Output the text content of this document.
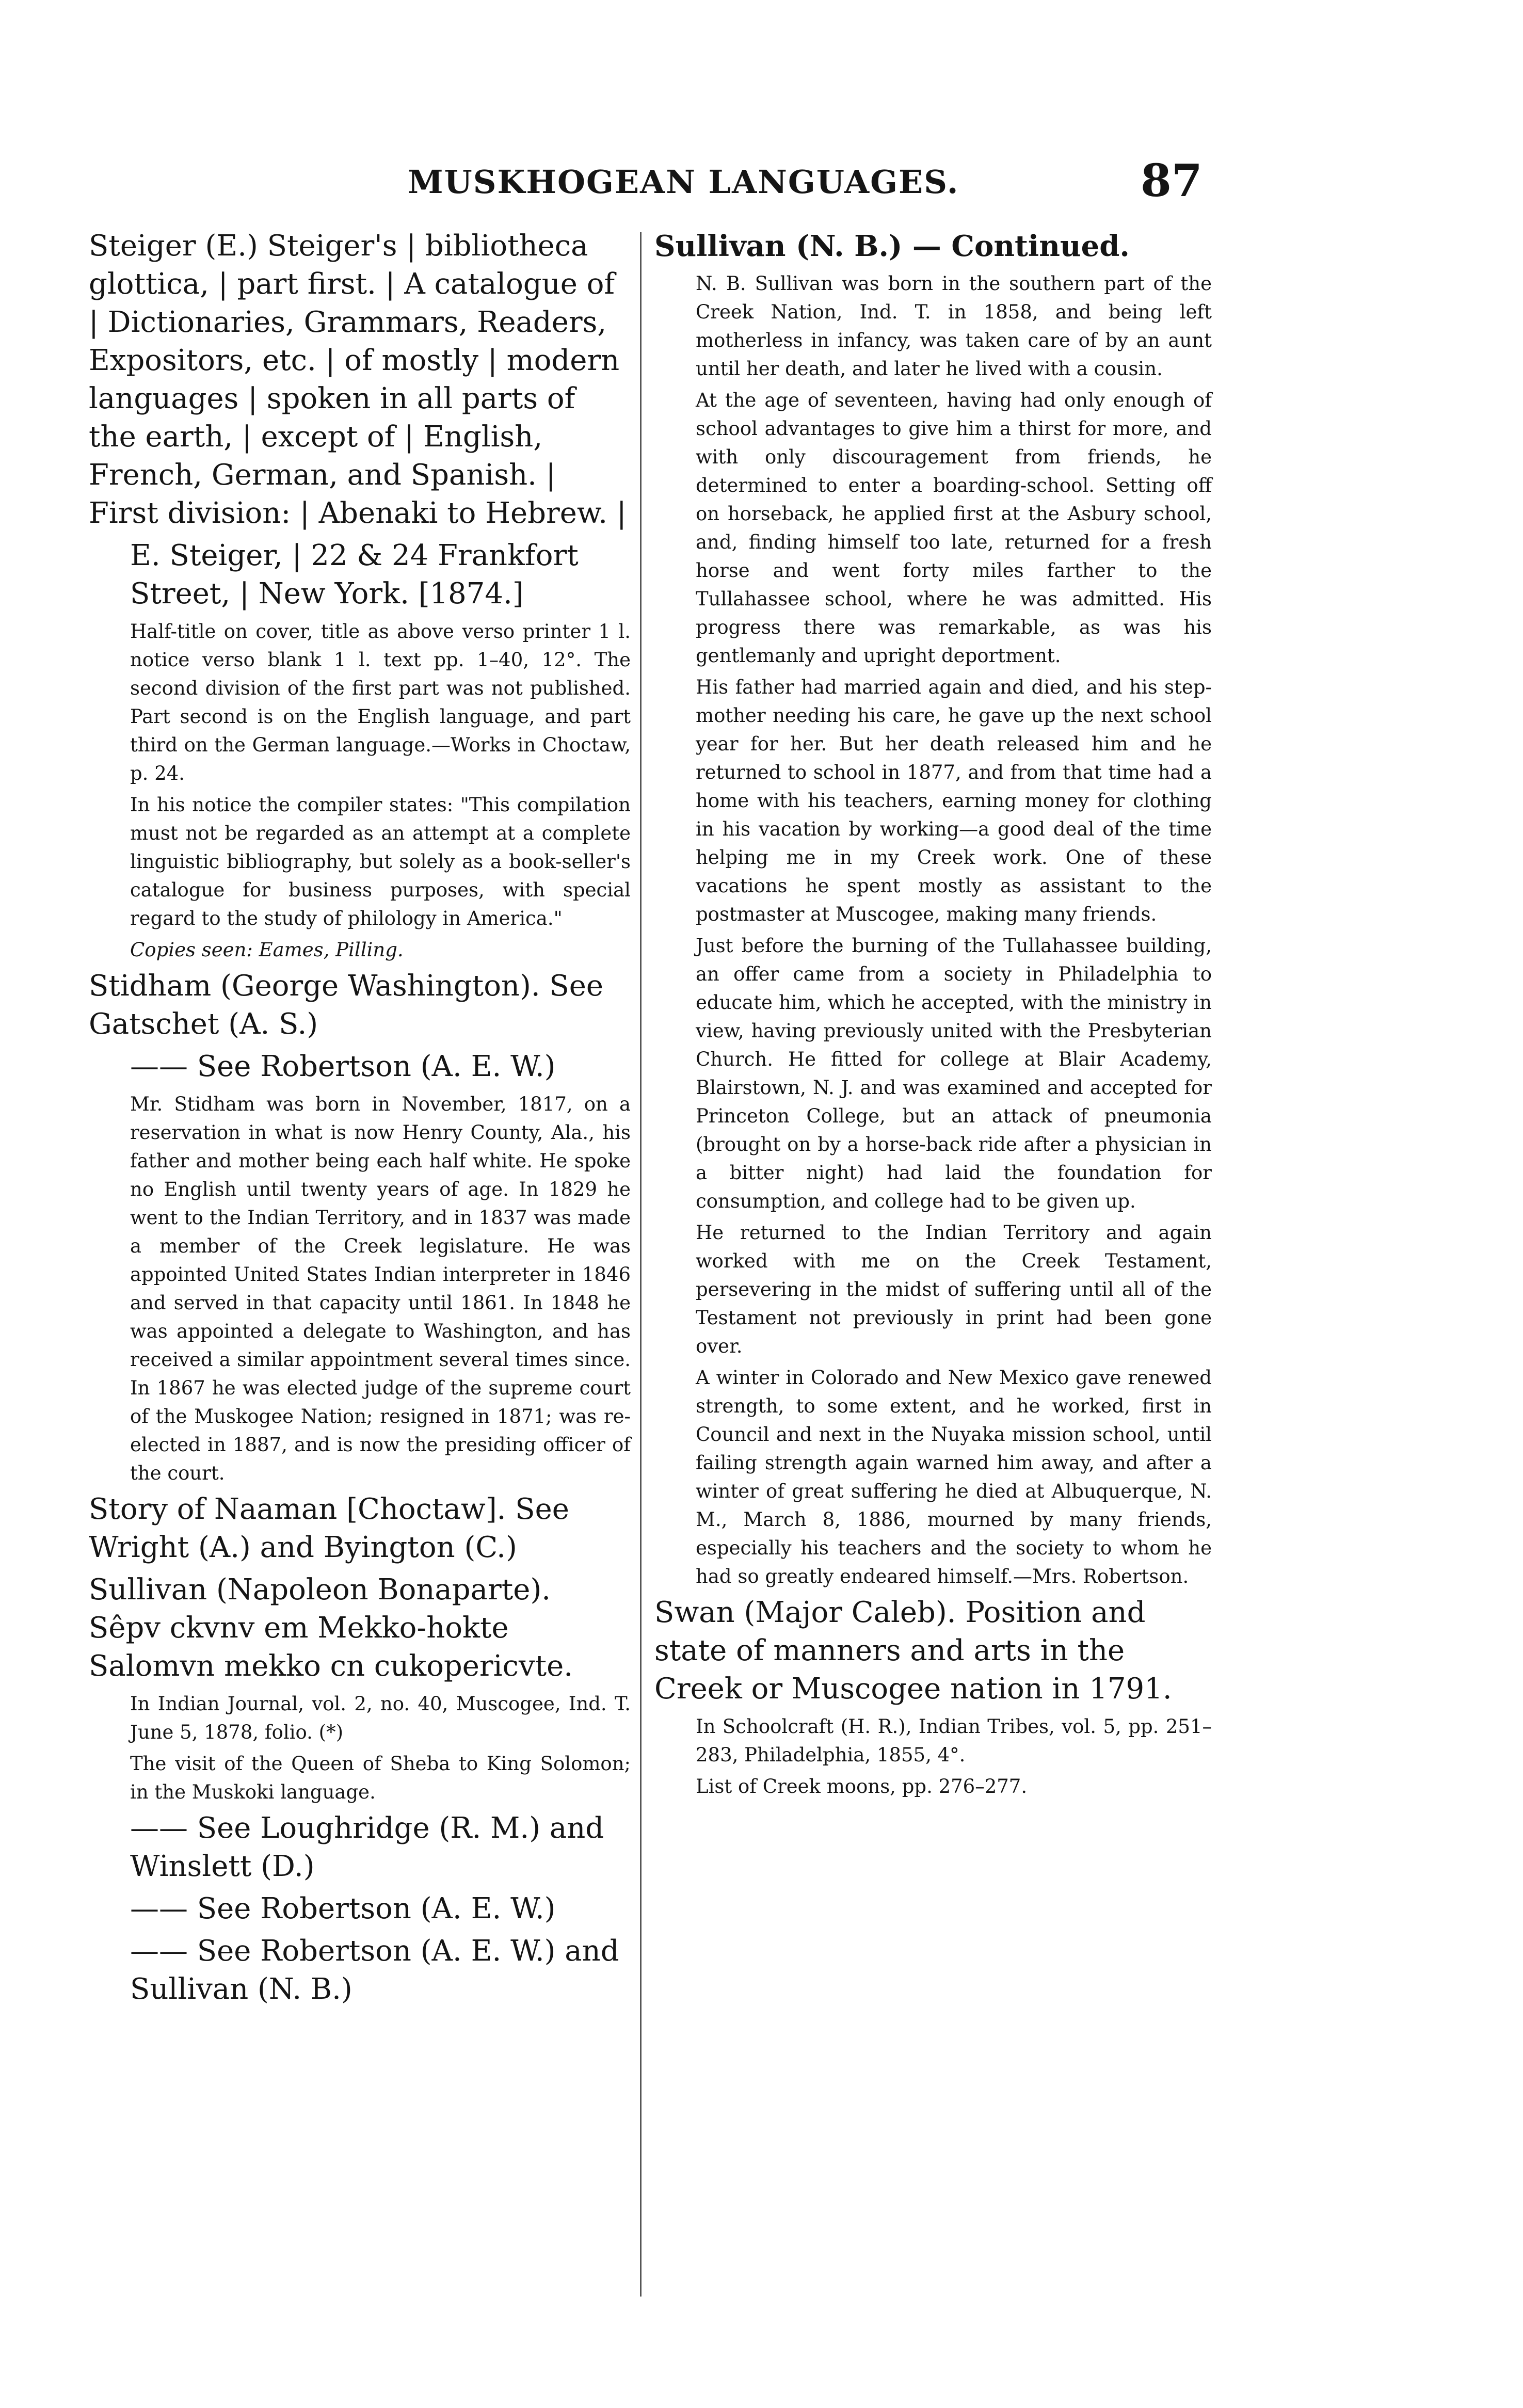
MUSKHOGEAN LANGUAGES.	87

Steiger (E.) Steiger's | bibliotheca glottica, | part first. | A catalogue of | Dictionaries, Grammars, Readers, Expositors, etc. | of mostly | modern languages | spoken in all parts of the earth, | except of | English, French, German, and Spanish. | First division: | Abenaki to Hebrew. |

E. Steiger, | 22 & 24 Frankfort Street, | New York. [1874.]

Half-title on cover, title as above verso printer 1 l. notice verso blank 1 l. text pp. 1–40, 12°. The second division of the first part was not published. Part second is on the English language, and part third on the German language.—Works in Choctaw, p. 24.

In his notice the compiler states: "This compilation must not be regarded as an attempt at a complete linguistic bibliography, but solely as a book-seller's catalogue for business purposes, with special regard to the study of philology in America."

Copies seen: Eames, Pilling.

Stidham (George Washington). See Gatschet (A. S.)

—— See Robertson (A. E. W.)

Mr. Stidham was born in November, 1817, on a reservation in what is now Henry County, Ala., his father and mother being each half white. He spoke no English until twenty years of age. In 1829 he went to the Indian Territory, and in 1837 was made a member of the Creek legislature. He was appointed United States Indian interpreter in 1846 and served in that capacity until 1861. In 1848 he was appointed a delegate to Washington, and has received a similar appointment several times since. In 1867 he was elected judge of the supreme court of the Muskogee Nation; resigned in 1871; was re-elected in 1887, and is now the presiding officer of the court.

Story of Naaman [Choctaw]. See Wright (A.) and Byington (C.)

Sullivan (Napoleon Bonaparte). Sêpv ckvnv em Mekko-hokte Salomvn mekko cn cukopericvte.

In Indian Journal, vol. 2, no. 40, Muscogee, Ind. T. June 5, 1878, folio. (*)

The visit of the Queen of Sheba to King Solomon; in the Muskoki language.

—— See Loughridge (R. M.) and Winslett (D.)

—— See Robertson (A. E. W.)

—— See Robertson (A. E. W.) and Sullivan (N. B.)

Sullivan (N. B.) — Continued.

N. B. Sullivan was born in the southern part of the Creek Nation, Ind. T. in 1858, and being left motherless in infancy, was taken care of by an aunt until her death, and later he lived with a cousin.

At the age of seventeen, having had only enough of school advantages to give him a thirst for more, and with only discouragement from friends, he determined to enter a boarding-school. Setting off on horseback, he applied first at the Asbury school, and, finding himself too late, returned for a fresh horse and went forty miles farther to the Tullahassee school, where he was admitted. His progress there was remarkable, as was his gentlemanly and upright deportment.

His father had married again and died, and his step-mother needing his care, he gave up the next school year for her. But her death released him and he returned to school in 1877, and from that time had a home with his teachers, earning money for clothing in his vacation by working—a good deal of the time helping me in my Creek work. One of these vacations he spent mostly as assistant to the postmaster at Muscogee, making many friends.

Just before the burning of the Tullahassee building, an offer came from a society in Philadelphia to educate him, which he accepted, with the ministry in view, having previously united with the Presbyterian Church. He fitted for college at Blair Academy, Blairstown, N. J. and was examined and accepted for Princeton College, but an attack of pneumonia (brought on by a horse-back ride after a physician in a bitter night) had laid the foundation for consumption, and college had to be given up.

He returned to the Indian Territory and again worked with me on the Creek Testament, persevering in the midst of suffering until all of the Testament not previously in print had been gone over.

A winter in Colorado and New Mexico gave renewed strength, to some extent, and he worked, first in Council and next in the Nuyaka mission school, until failing strength again warned him away, and after a winter of great suffering he died at Albuquerque, N. M., March 8, 1886, mourned by many friends, especially his teachers and the society to whom he had so greatly endeared himself.—Mrs. Robertson.

Swan (Major Caleb). Position and state of manners and arts in the Creek or Muscogee nation in 1791.

In Schoolcraft (H. R.), Indian Tribes, vol. 5, pp. 251–283, Philadelphia, 1855, 4°.

List of Creek moons, pp. 276–277.
